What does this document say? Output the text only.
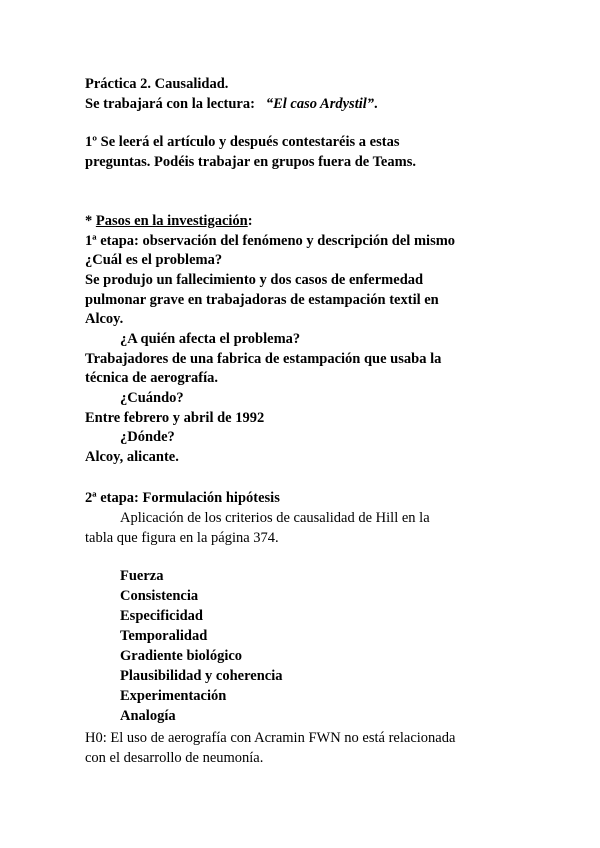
Práctica 2. Causalidad.
Se trabajará con la lectura: “El caso Ardystil”.
1º Se leerá el artículo y después contestaréis a estas
preguntas. Podéis trabajar en grupos fuera de Teams.
* Pasos en la investigación:
1ª etapa: observación del fenómeno y descripción del mismo
¿Cuál es el problema?
Se produjo un fallecimiento y dos casos de enfermedad
pulmonar grave en trabajadoras de estampación textil en
Alcoy.
¿A quién afecta el problema?
Trabajadores de una fabrica de estampación que usaba la
técnica de aerografía.
¿Cuándo?
Entre febrero y abril de 1992
¿Dónde?
Alcoy, alicante.
2ª etapa: Formulación hipótesis
Aplicación de los criterios de causalidad de Hill en la
tabla que figura en la página 374.
Fuerza
Consistencia
Especificidad
Temporalidad
Gradiente biológico
Plausibilidad y coherencia
Experimentación
Analogía
H0: El uso de aerografía con Acramin FWN no está relacionada
con el desarrollo de neumonía.
